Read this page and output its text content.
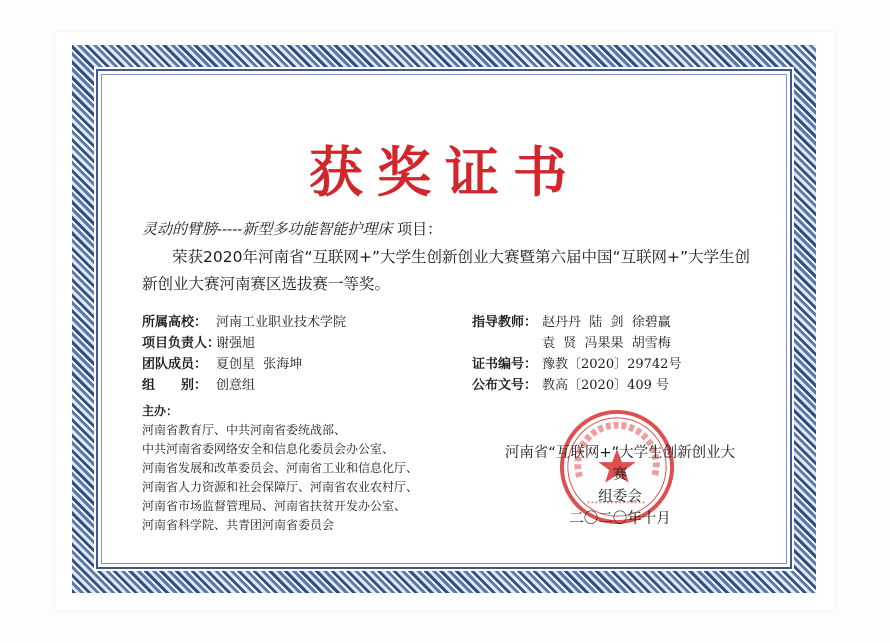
获奖证书
灵动的臂膀-----新型多功能智能护理床 项目：
荣获2020年河南省“互联网+”大学生创新创业大赛暨第六届中国“互联网+”大学生创新创业大赛河南赛区选拔赛一等奖。
所属高校： 河南工业职业技术学院
项目负责人：谢强旭
团队成员： 夏创星  张海坤
组　　别： 创意组
指导教师： 赵丹丹  陆  剑  徐碧赢
袁  贤  冯果果  胡雪梅
证书编号： 豫教〔2020〕29742号
公布文号： 教高〔2020〕409 号
主办：
河南省教育厅、中共河南省委统战部、
中共河南省委网络安全和信息化委员会办公室、
河南省发展和改革委员会、河南省工业和信息化厅、
河南省人力资源和社会保障厅、河南省农业农村厅、
河南省市场监督管理局、河南省扶贫开发办公室、
河南省科学院、共青团河南省委员会
河南省“互联网+”大学生创新创业大赛
组委会
二〇二〇年十月
